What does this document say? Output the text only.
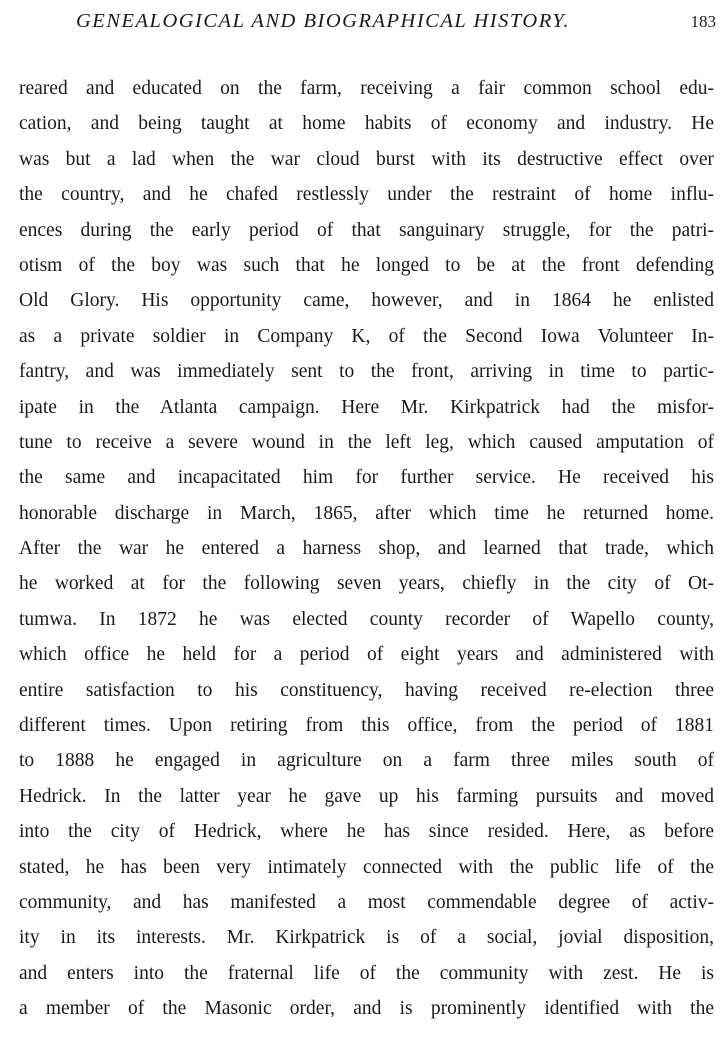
GENEALOGICAL AND BIOGRAPHICAL HISTORY.	183
reared and educated on the farm, receiving a fair common school edu-
cation, and being taught at home habits of economy and industry. He
was but a lad when the war cloud burst with its destructive effect over
the country, and he chafed restlessly under the restraint of home influ-
ences during the early period of that sanguinary struggle, for the patri-
otism of the boy was such that he longed to be at the front defending
Old Glory. His opportunity came, however, and in 1864 he enlisted
as a private soldier in Company K, of the Second Iowa Volunteer In-
fantry, and was immediately sent to the front, arriving in time to partic-
ipate in the Atlanta campaign. Here Mr. Kirkpatrick had the misfor-
tune to receive a severe wound in the left leg, which caused amputation of
the same and incapacitated him for further service. He received his
honorable discharge in March, 1865, after which time he returned home.
After the war he entered a harness shop, and learned that trade, which
he worked at for the following seven years, chiefly in the city of Ot-
tumwa. In 1872 he was elected county recorder of Wapello county,
which office he held for a period of eight years and administered with
entire satisfaction to his constituency, having received re-election three
different times. Upon retiring from this office, from the period of 1881
to 1888 he engaged in agriculture on a farm three miles south of
Hedrick. In the latter year he gave up his farming pursuits and moved
into the city of Hedrick, where he has since resided. Here, as before
stated, he has been very intimately connected with the public life of the
community, and has manifested a most commendable degree of activ-
ity in its interests. Mr. Kirkpatrick is of a social, jovial disposition,
and enters into the fraternal life of the community with zest. He is
a member of the Masonic order, and is prominently identified with the
